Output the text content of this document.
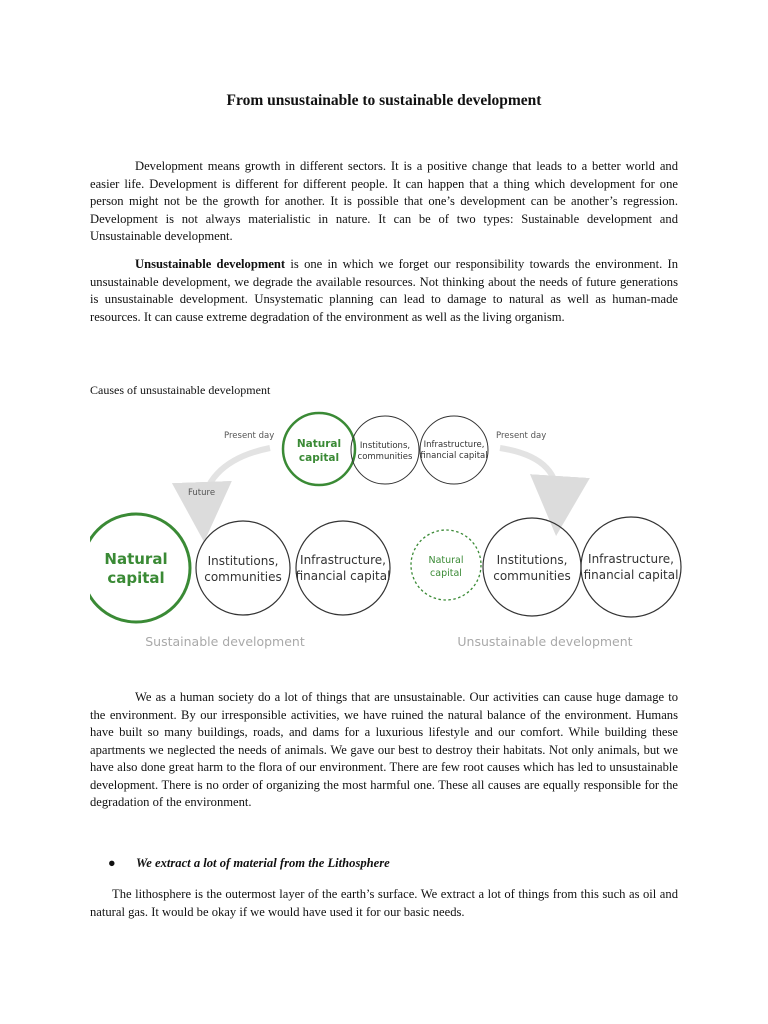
From unsustainable to sustainable development

Development means growth in different sectors. It is a positive change that leads to a better world and easier life. Development is different for different people. It can happen that a thing which development for one person might not be the growth for another. It is possible that one’s development can be another’s regression. Development is not always materialistic in nature. It can be of two types: Sustainable development and Unsustainable development.

Unsustainable development is one in which we forget our responsibility towards the environment. In unsustainable development, we degrade the available resources. Not thinking about the needs of future generations is unsustainable development. Unsystematic planning can lead to damage to natural as well as human-made resources. It can cause extreme degradation of the environment as well as the living organism.

Causes of unsustainable development

Natural
capital
Institutions,
communities
Infrastructure,
financial capital
Present day
Future
Present day
Natural
capital
Institutions,
communities
Infrastructure,
financial capital
Sustainable development
Natural
capital
Institutions,
communities
Infrastructure,
financial capital
Unsustainable development

We as a human society do a lot of things that are unsustainable. Our activities can cause huge damage to the environment. By our irresponsible activities, we have ruined the natural balance of the environment. Humans have built so many buildings, roads, and dams for a luxurious lifestyle and our comfort. While building these apartments we neglected the needs of animals. We gave our best to destroy their habitats. Not only animals, but we have also done great harm to the flora of our environment. There are few root causes which has led to unsustainable development. There is no order of organizing the most harmful one. These all causes are equally responsible for the degradation of the environment.

● We extract a lot of material from the Lithosphere

The lithosphere is the outermost layer of the earth’s surface. We extract a lot of things from this such as oil and natural gas. It would be okay if we would have used it for our basic needs.
